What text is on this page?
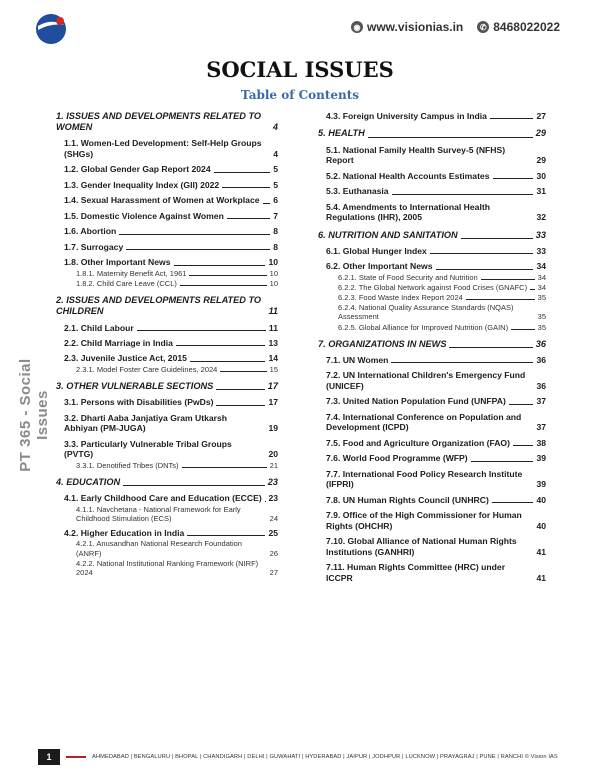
◉ www.visionias.in	✆ 8468022022
PT 365 - Social Issues
SOCIAL ISSUES
Table of Contents
1. ISSUES AND DEVELOPMENTS RELATED TO WOMEN	4
1.1. Women-Led Development: Self-Help Groups (SHGs)	4
1.2. Global Gender Gap Report 2024	5
1.3. Gender Inequality Index (GII) 2022	5
1.4. Sexual Harassment of Women at Workplace 6
1.5. Domestic Violence Against Women	7
1.6. Abortion	8
1.7. Surrogacy	8
1.8. Other Important News	10
1.8.1. Maternity Benefit Act, 1961	10
1.8.2. Child Care Leave (CCL)	10
2. ISSUES AND DEVELOPMENTS RELATED TO CHILDREN	11
2.1. Child Labour	11
2.2. Child Marriage in India	13
2.3. Juvenile Justice Act, 2015	14
2.3.1. Model Foster Care Guidelines, 2024	15
3. OTHER VULNERABLE SECTIONS	17
3.1. Persons with Disabilities (PwDs)	17
3.2. Dharti Aaba Janjatiya Gram Utkarsh Abhiyan (PM-JUGA)	19
3.3. Particularly Vulnerable Tribal Groups (PVTG)	20
3.3.1. Denotified Tribes (DNTs)	21
4. EDUCATION	23
4.1. Early Childhood Care and Education (ECCE) 23
4.1.1. Navchetana - National Framework for Early Childhood Stimulation (ECS)	24
4.2. Higher Education in India	25
4.2.1. Anusandhan National Research Foundation (ANRF)	26
4.2.2. National Institutional Ranking Framework (NIRF) 2024	27
4.3. Foreign University Campus in India	27
5. HEALTH	29
5.1. National Family Health Survey-5 (NFHS) Report	29
5.2. National Health Accounts Estimates	30
5.3. Euthanasia	31
5.4. Amendments to International Health Regulations (IHR), 2005	32
6. NUTRITION AND SANITATION	33
6.1. Global Hunger Index	33
6.2. Other Important News	34
6.2.1. State of Food Security and Nutrition	34
6.2.2. The Global Network against Food Crises (GNAFC) 34
6.2.3. Food Waste Index Report 2024	35
6.2.4. National Quality Assurance Standards (NQAS) Assessment	35
6.2.5. Global Alliance for Improved Nutrition (GAIN)	35
7. ORGANIZATIONS IN NEWS	36
7.1. UN Women	36
7.2. UN International Children's Emergency Fund (UNICEF)	36
7.3. United Nation Population Fund (UNFPA)	37
7.4. International Conference on Population and Development (ICPD)	37
7.5. Food and Agriculture Organization (FAO)	38
7.6. World Food Programme (WFP)	39
7.7. International Food Policy Research Institute (IFPRI)	39
7.8. UN Human Rights Council (UNHRC)	40
7.9. Office of the High Commissioner for Human Rights (OHCHR)	40
7.10. Global Alliance of National Human Rights Institutions (GANHRI)	41
7.11. Human Rights Committee (HRC) under ICCPR	41
1	AHMEDABAD | BENGALURU | BHOPAL | CHANDIGARH | DELHI | GUWAHATI | HYDERABAD | JAIPUR | JODHPUR | LUCKNOW | PRAYAGRAJ | PUNE | RANCHI © Vision IAS
